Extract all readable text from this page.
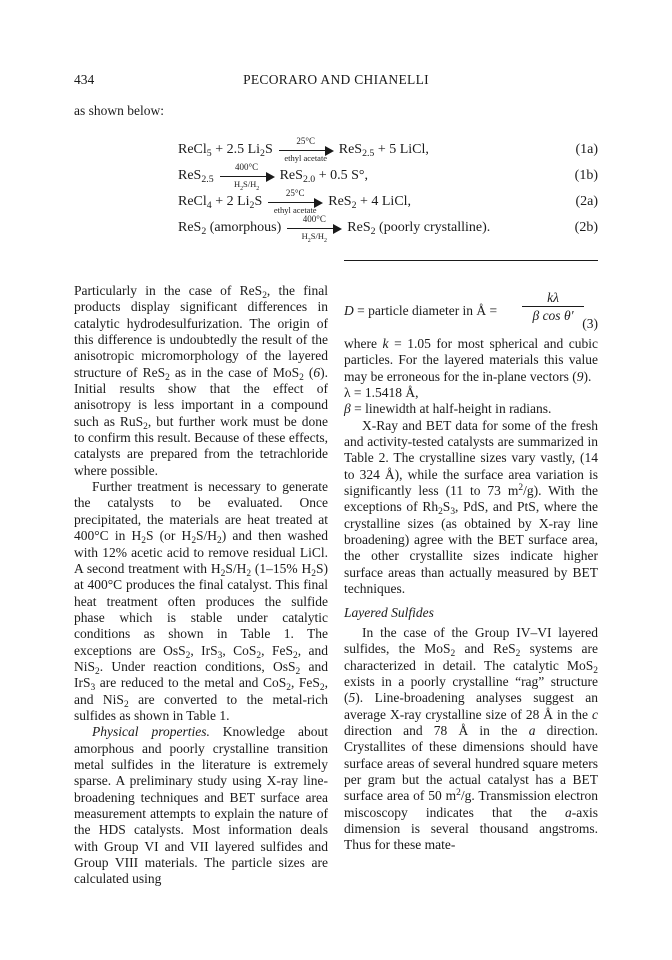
434	PECORARO AND CHIANELLI
as shown below:
ReCl$_5$ + 2.5 $Li_2S$
25°C
ethyl acetate
ReS$_{2.5}$ + 5 LiCl,	(1a)
ReS$_{2.5}$
400°C
$H_2S/H_2$
ReS$_{2.0}$ + 0.5 S°,	(1b)
ReCl$_4$ + 2 $Li_2S$
25°C
ethyl acetate
ReS$_2$ + 4 LiCl,	(2a)
ReS$_2$ (amorphous)
400°C
$H_2S/H_2$
ReS$_2$ (poorly crystalline).	(2b)

Particularly in the case of ReS$_2$, the final products display significant differences in catalytic hydrodesulfurization. The origin of this difference is undoubtedly the result of the anisotropic micromorphology of the layered structure of ReS$_2$ as in the case of MoS$_2$ (6). Initial results show that the effect of anisotropy is less important in a compound such as RuS$_2$, but further work must be done to confirm this result. Because of these effects, catalysts are prepared from the tetrachloride where possible.

Further treatment is necessary to generate the catalysts to be evaluated. Once precipitated, the materials are heat treated at 400°C in $H_2S$ (or $H_2S/H_2$) and then washed with 12% acetic acid to remove residual LiCl. A second treatment with $H_2S/H_2$ (1–15% $H_2S$) at 400°C produces the final catalyst. This final heat treatment often produces the sulfide phase which is stable under catalytic conditions as shown in Table 1. The exceptions are OsS$_2$, IrS$_3$, CoS$_2$, FeS$_2$, and NiS$_2$. Under reaction conditions, OsS$_2$ and IrS$_3$ are reduced to the metal and CoS$_2$, FeS$_2$, and NiS$_2$ are converted to the metal-rich sulfides as shown in Table 1.

Physical properties. Knowledge about amorphous and poorly crystalline transition metal sulfides in the literature is extremely sparse. A preliminary study using X-ray line-broadening techniques and BET surface area measurement attempts to explain the nature of the HDS catalysts. Most information deals with Group VI and VII layered sulfides and Group VIII materials. The particle sizes are calculated using

D = particle diameter in Å = $\frac{k\lambda}{\text{β cos θ′}}$
(3)

where k = 1.05 for most spherical and cubic particles. For the layered materials this value may be erroneous for the in-plane vectors (9).

λ = 1.5418 Å,

β = linewidth at half-height in radians.

X-Ray and BET data for some of the fresh and activity-tested catalysts are summarized in Table 2. The crystalline sizes vary vastly, (14 to 324 Å), while the surface area variation is significantly less (11 to 73 $m^2/g$). With the exceptions of $Rh_2S_3$, PdS, and PtS, where the crystalline sizes (as obtained by X-ray line broadening) agree with the BET surface area, the other crystallite sizes indicate higher surface areas than actually measured by BET techniques.

Layered Sulfides

In the case of the Group IV–VI layered sulfides, the MoS$_2$ and ReS$_2$ systems are characterized in detail. The catalytic MoS$_2$ exists in a poorly crystalline “rag” structure (5). Line-broadening analyses suggest an average X-ray crystalline size of 28 Å in the c direction and 78 Å in the a direction. Crystallites of these dimensions should have surface areas of several hundred square meters per gram but the actual catalyst has a BET surface area of 50 $m^2/g$. Transmission electron miscoscopy indicates that the a-axis dimension is several thousand angstroms. Thus for these mate-
